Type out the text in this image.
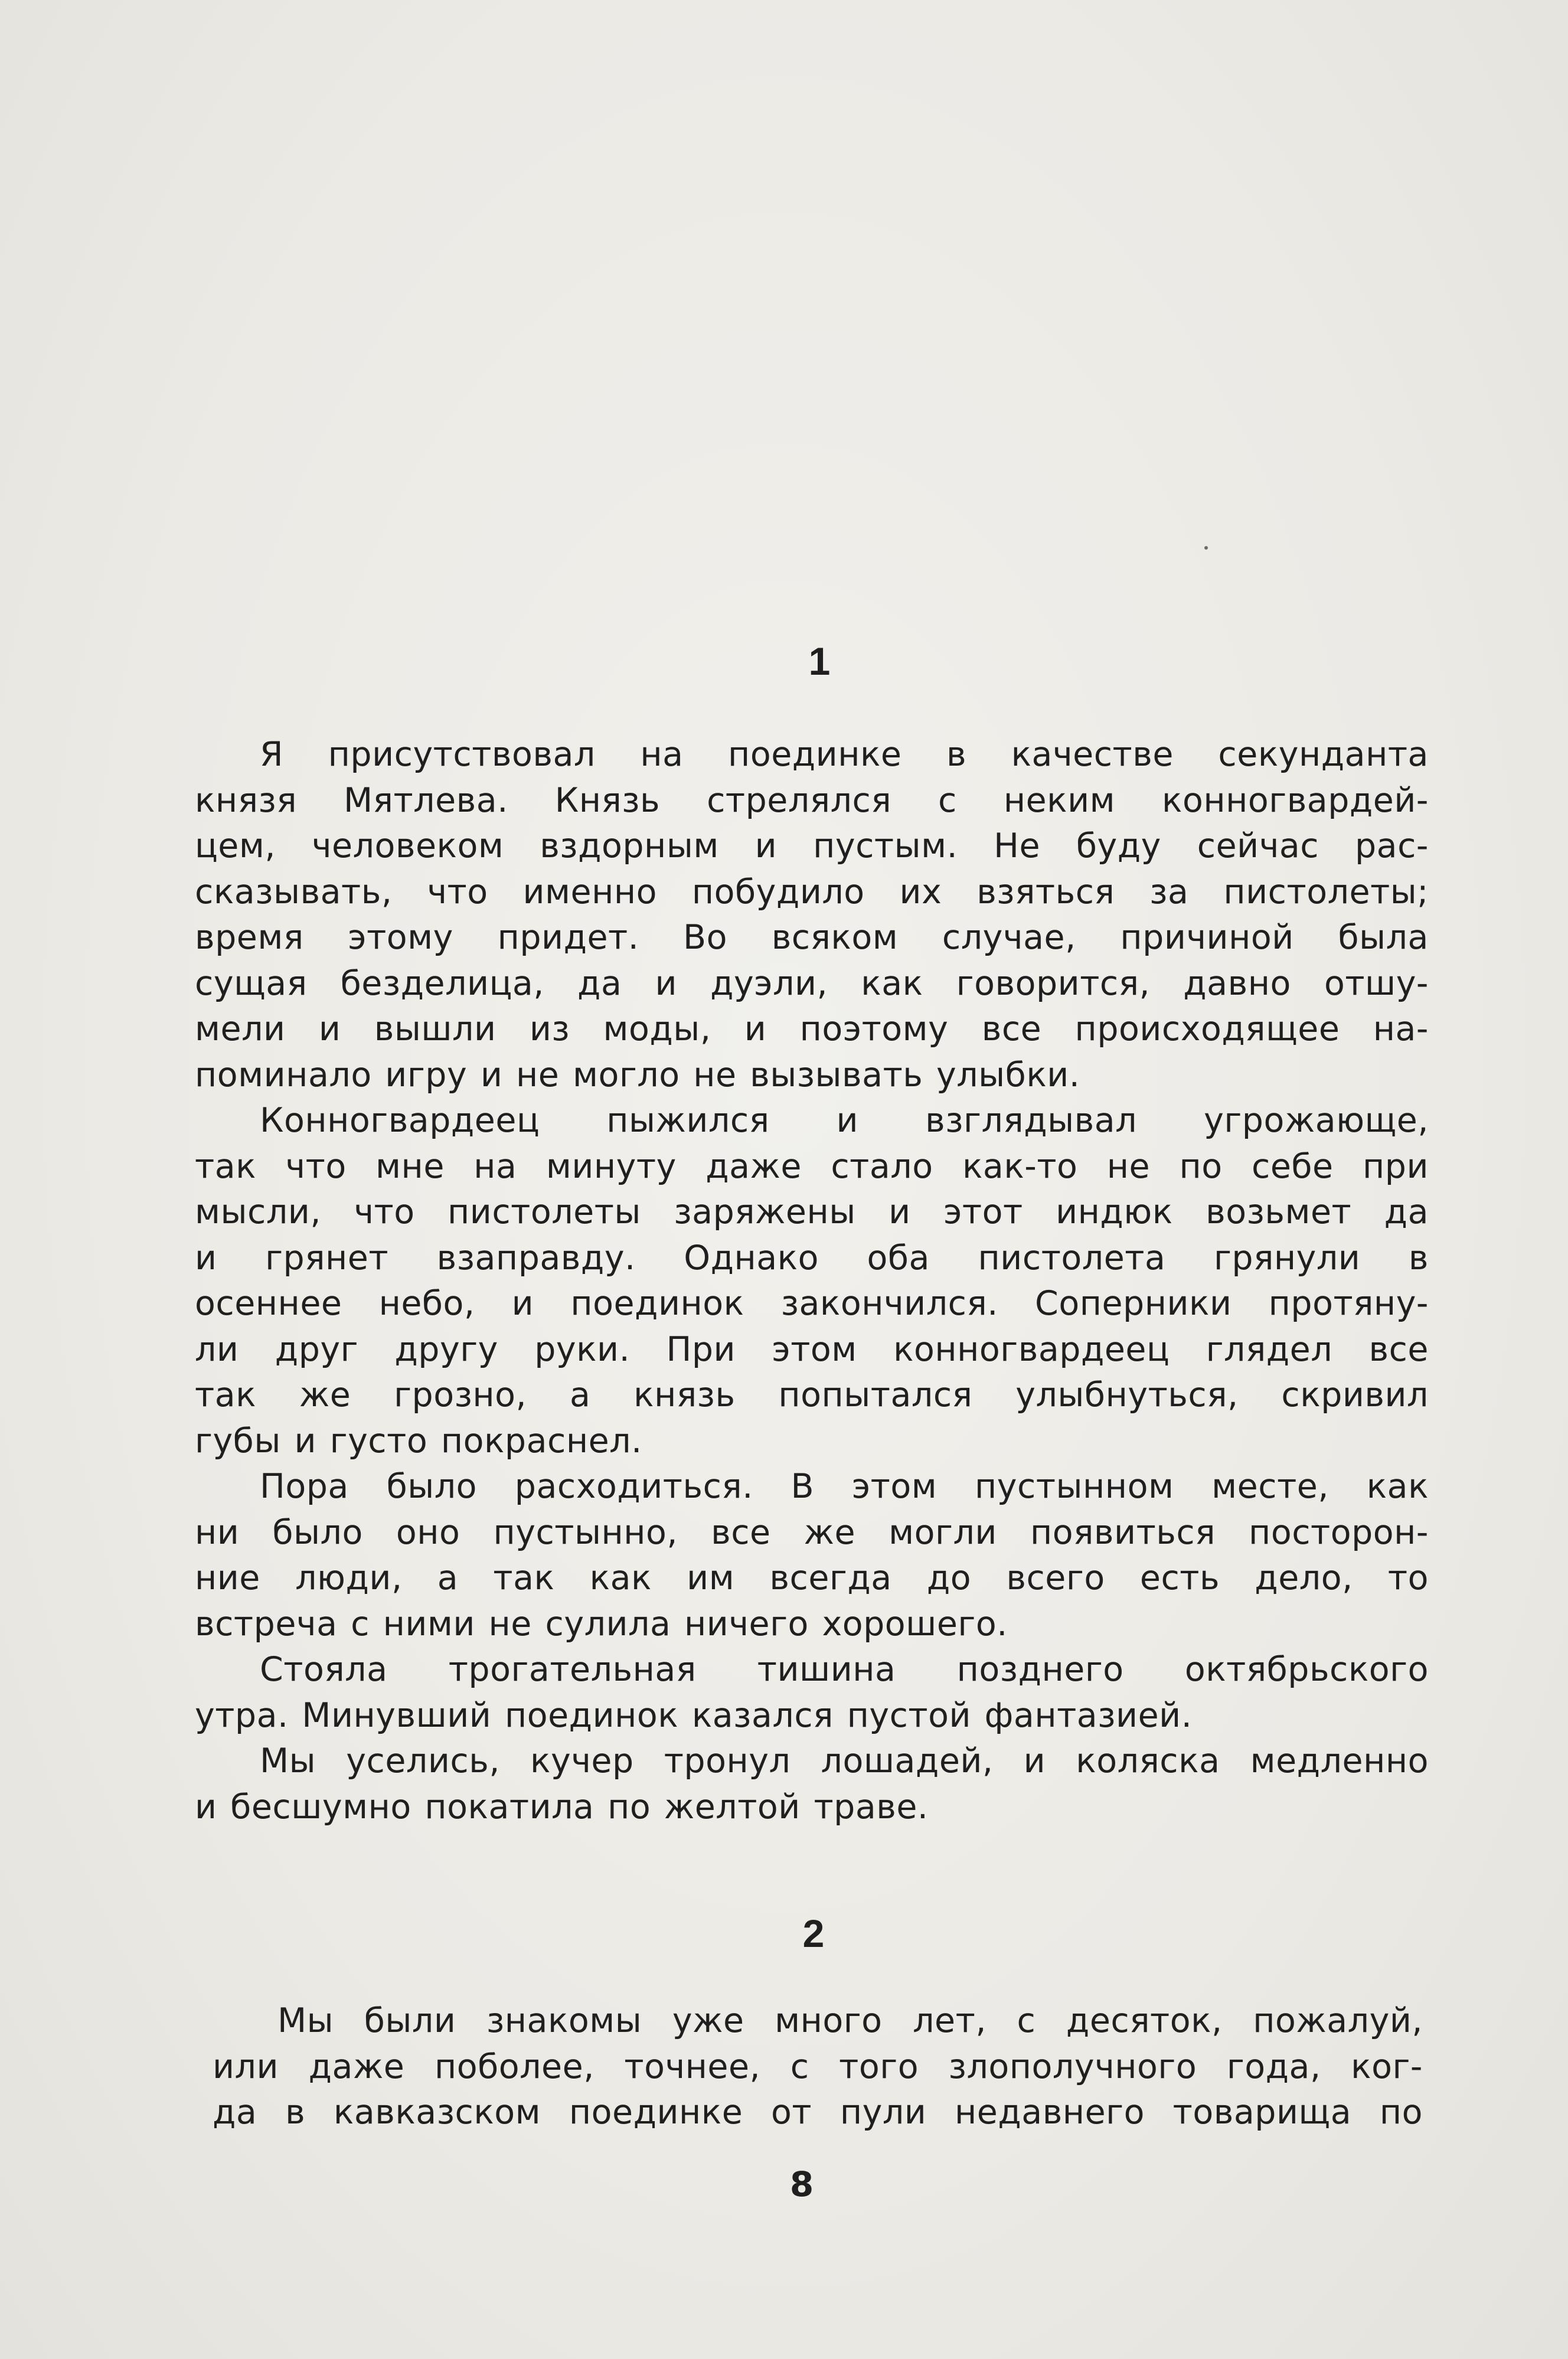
1
Я присутствовал на поединке в качестве секунданта
князя Мятлева. Князь стрелялся с неким конногвардей-
цем, человеком вздорным и пустым. Не буду сейчас рас-
сказывать, что именно побудило их взяться за пистолеты;
время этому придет. Во всяком случае, причиной была
сущая безделица, да и дуэли, как говорится, давно отшу-
мели и вышли из моды, и поэтому все происходящее на-
поминало игру и не могло не вызывать улыбки.
Конногвардеец пыжился и взглядывал угрожающе,
так что мне на минуту даже стало как-то не по себе при
мысли, что пистолеты заряжены и этот индюк возьмет да
и грянет взаправду. Однако оба пистолета грянули в
осеннее небо, и поединок закончился. Соперники протяну-
ли друг другу руки. При этом конногвардеец глядел все
так же грозно, а князь попытался улыбнуться, скривил
губы и густо покраснел.
Пора было расходиться. В этом пустынном месте, как
ни было оно пустынно, все же могли появиться посторон-
ние люди, а так как им всегда до всего есть дело, то
встреча с ними не сулила ничего хорошего.
Стояла трогательная тишина позднего октябрьского
утра. Минувший поединок казался пустой фантазией.
Мы уселись, кучер тронул лошадей, и коляска медленно
и бесшумно покатила по желтой траве.
2
Мы были знакомы уже много лет, с десяток, пожалуй,
или даже поболее, точнее, с того злополучного года, ког-
да в кавказском поединке от пули недавнего товарища по
8
